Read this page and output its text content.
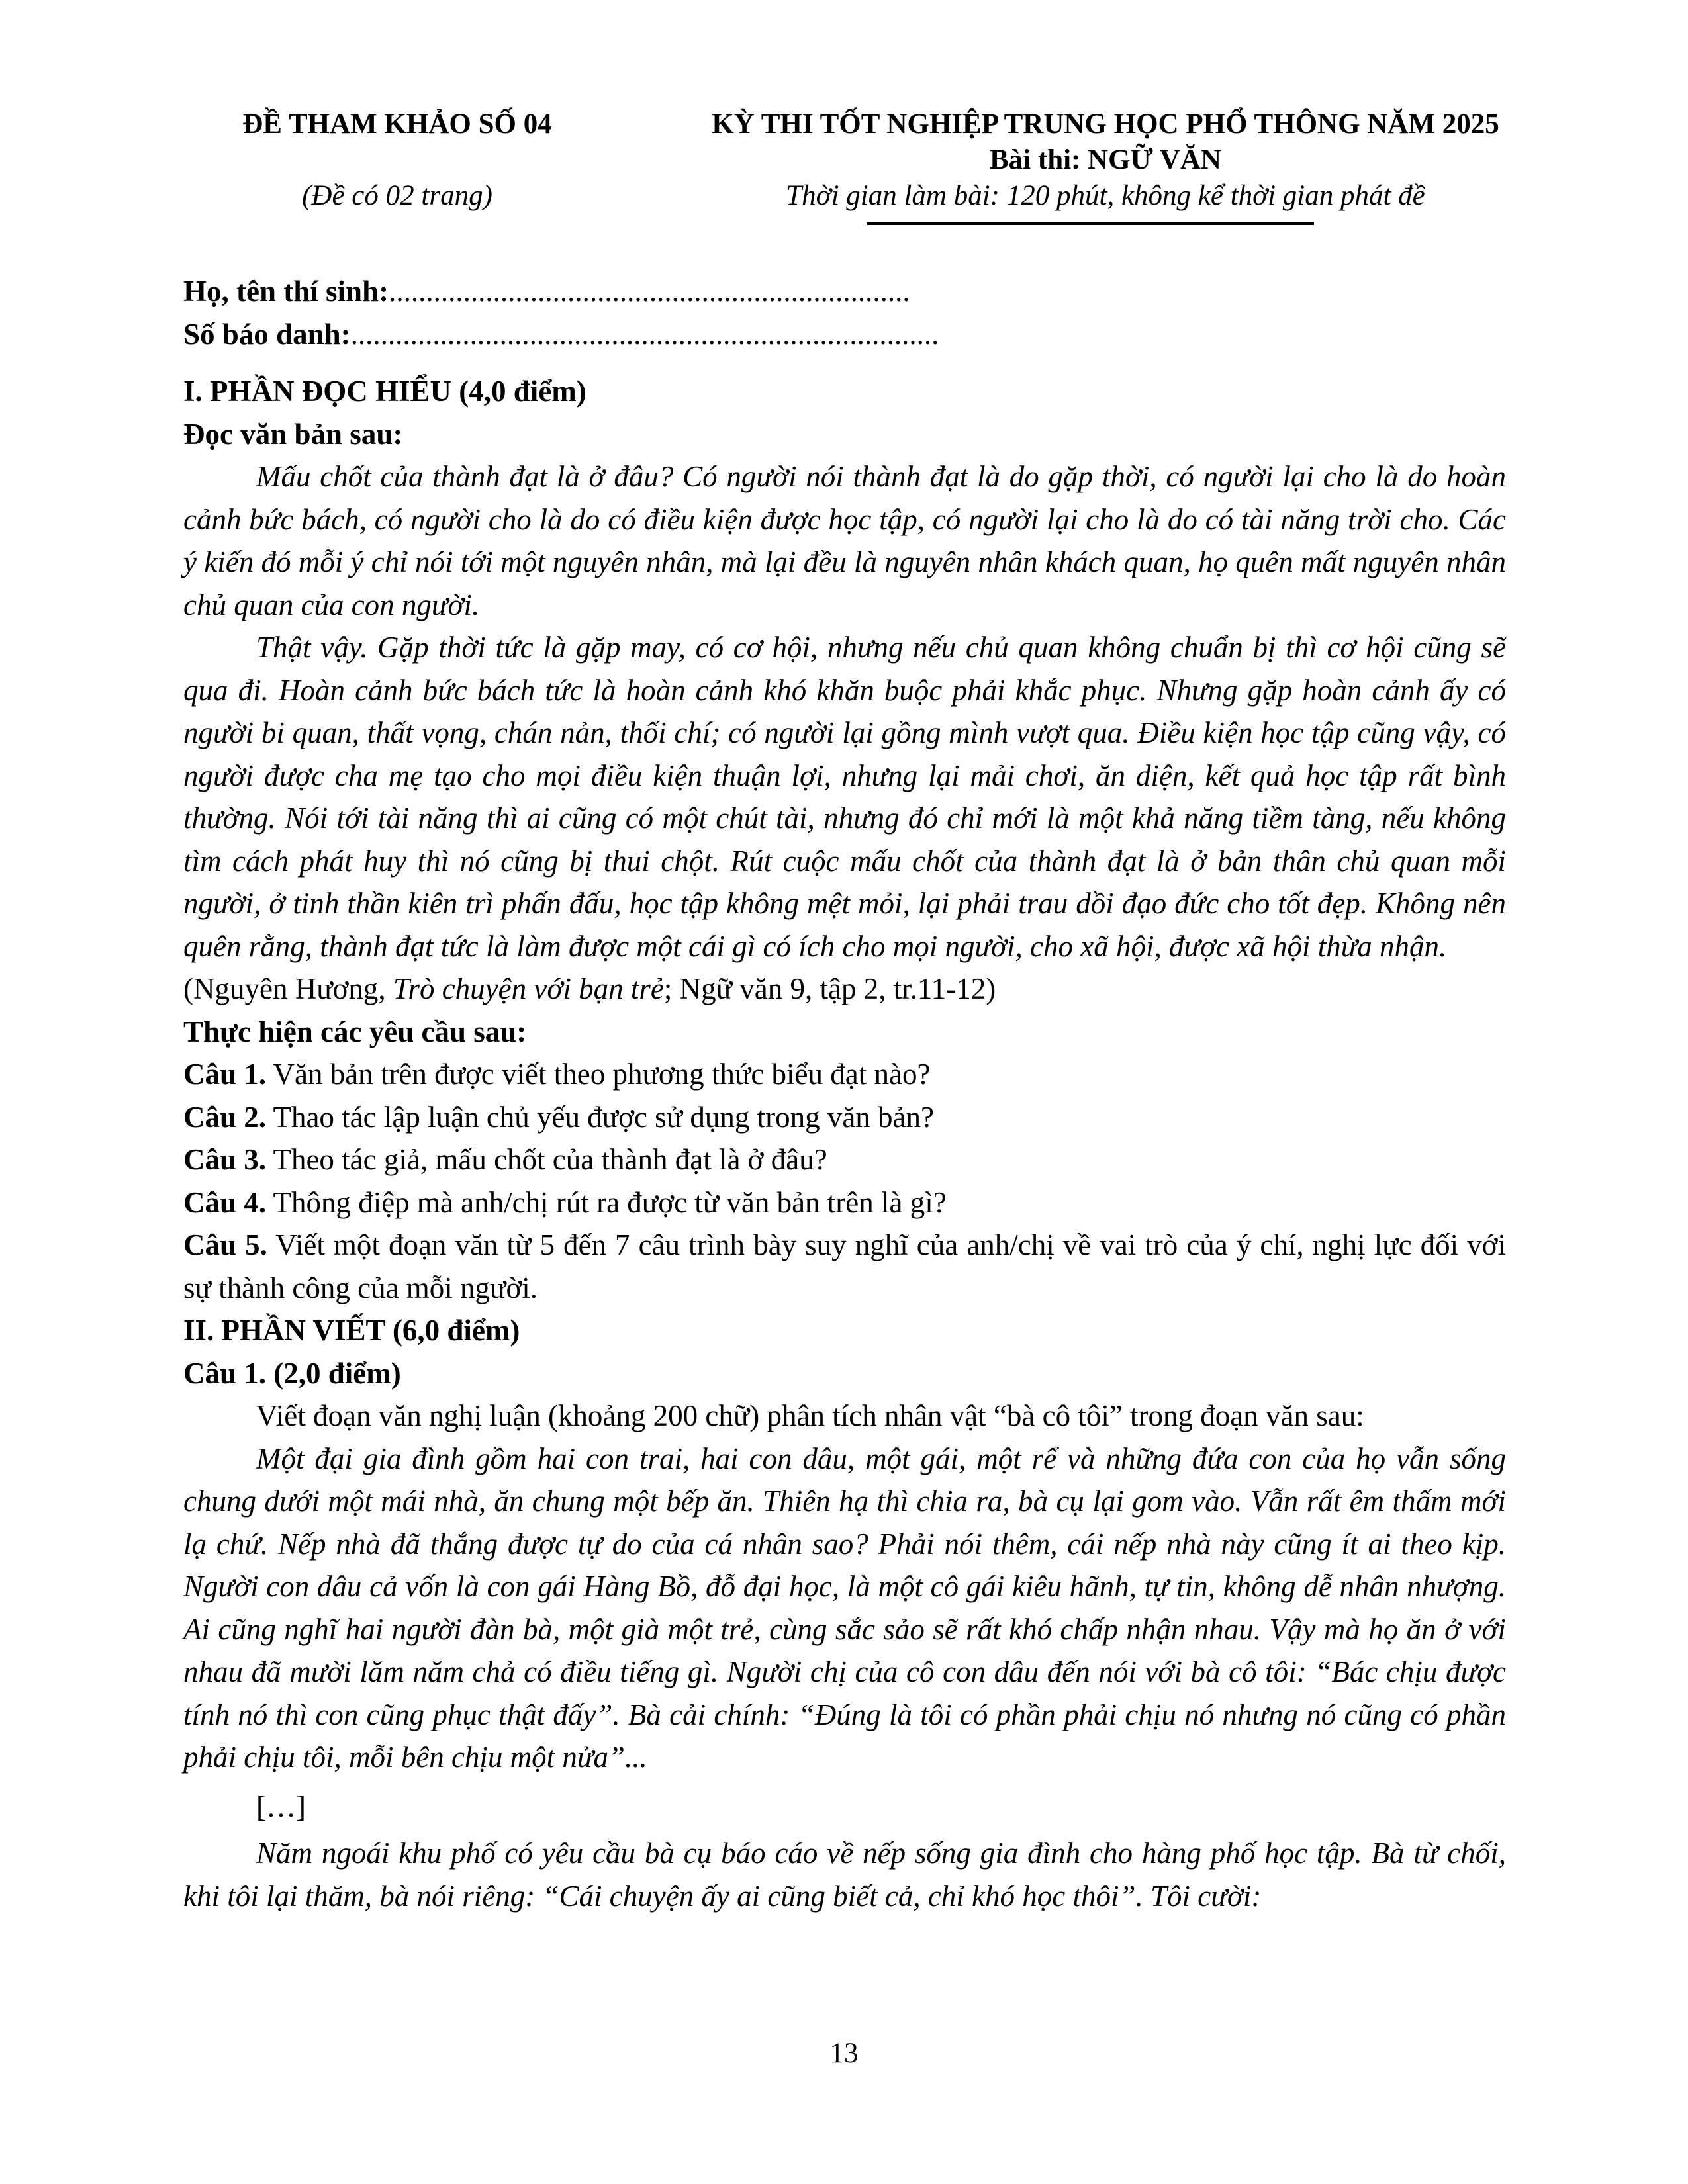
ĐỀ THAM KHẢO SỐ 04
(Đề có 02 trang)
KỲ THI TỐT NGHIỆP TRUNG HỌC PHỔ THÔNG NĂM 2025
Bài thi: NGỮ VĂN
Thời gian làm bài: 120 phút, không kể thời gian phát đề
Họ, tên thí sinh:......................................................................
Số báo danh:...............................................................................
I. PHẦN ĐỌC HIỂU (4,0 điểm)
Đọc văn bản sau:

Mấu chốt của thành đạt là ở đâu? Có người nói thành đạt là do gặp thời, có người lại cho là do hoàn cảnh bức bách, có người cho là do có điều kiện được học tập, có người lại cho là do có tài năng trời cho. Các ý kiến đó mỗi ý chỉ nói tới một nguyên nhân, mà lại đều là nguyên nhân khách quan, họ quên mất nguyên nhân chủ quan của con người.

Thật vậy. Gặp thời tức là gặp may, có cơ hội, nhưng nếu chủ quan không chuẩn bị thì cơ hội cũng sẽ qua đi. Hoàn cảnh bức bách tức là hoàn cảnh khó khăn buộc phải khắc phục. Nhưng gặp hoàn cảnh ấy có người bi quan, thất vọng, chán nản, thối chí; có người lại gồng mình vượt qua. Điều kiện học tập cũng vậy, có người được cha mẹ tạo cho mọi điều kiện thuận lợi, nhưng lại mải chơi, ăn diện, kết quả học tập rất bình thường. Nói tới tài năng thì ai cũng có một chút tài, nhưng đó chỉ mới là một khả năng tiềm tàng, nếu không tìm cách phát huy thì nó cũng bị thui chột. Rút cuộc mấu chốt của thành đạt là ở bản thân chủ quan mỗi người, ở tinh thần kiên trì phấn đấu, học tập không mệt mỏi, lại phải trau dồi đạo đức cho tốt đẹp. Không nên quên rằng, thành đạt tức là làm được một cái gì có ích cho mọi người, cho xã hội, được xã hội thừa nhận.

(Nguyên Hương, Trò chuyện với bạn trẻ; Ngữ văn 9, tập 2, tr.11-12)

Thực hiện các yêu cầu sau:
Câu 1. Văn bản trên được viết theo phương thức biểu đạt nào?
Câu 2. Thao tác lập luận chủ yếu được sử dụng trong văn bản?
Câu 3. Theo tác giả, mấu chốt của thành đạt là ở đâu?
Câu 4. Thông điệp mà anh/chị rút ra được từ văn bản trên là gì?

Câu 5. Viết một đoạn văn từ 5 đến 7 câu trình bày suy nghĩ của anh/chị về vai trò của ý chí, nghị lực đối với sự thành công của mỗi người.

II. PHẦN VIẾT (6,0 điểm)
Câu 1. (2,0 điểm)

Viết đoạn văn nghị luận (khoảng 200 chữ) phân tích nhân vật “bà cô tôi” trong đoạn văn sau:

Một đại gia đình gồm hai con trai, hai con dâu, một gái, một rể và những đứa con của họ vẫn sống chung dưới một mái nhà, ăn chung một bếp ăn. Thiên hạ thì chia ra, bà cụ lại gom vào. Vẫn rất êm thấm mới lạ chứ. Nếp nhà đã thắng được tự do của cá nhân sao? Phải nói thêm, cái nếp nhà này cũng ít ai theo kịp. Người con dâu cả vốn là con gái Hàng Bồ, đỗ đại học, là một cô gái kiêu hãnh, tự tin, không dễ nhân nhượng. Ai cũng nghĩ hai người đàn bà, một già một trẻ, cùng sắc sảo sẽ rất khó chấp nhận nhau. Vậy mà họ ăn ở với nhau đã mười lăm năm chả có điều tiếng gì. Người chị của cô con dâu đến nói với bà cô tôi: “Bác chịu được tính nó thì con cũng phục thật đấy”. Bà cải chính: “Đúng là tôi có phần phải chịu nó nhưng nó cũng có phần phải chịu tôi, mỗi bên chịu một nửa”...

[…]

Năm ngoái khu phố có yêu cầu bà cụ báo cáo về nếp sống gia đình cho hàng phố học tập. Bà từ chối, khi tôi lại thăm, bà nói riêng: “Cái chuyện ấy ai cũng biết cả, chỉ khó học thôi”. Tôi cười:

13
